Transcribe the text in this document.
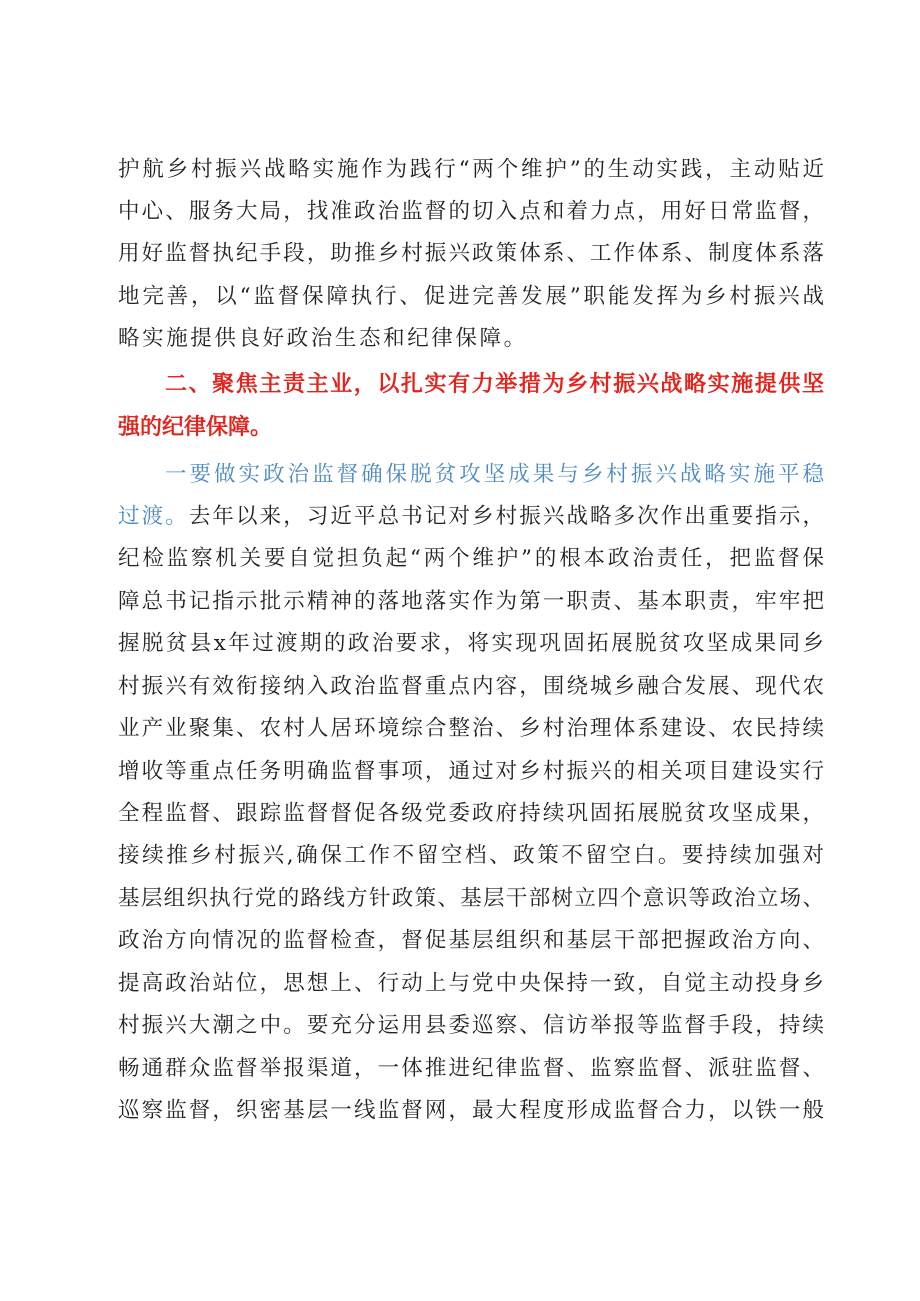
护航乡村振兴战略实施作为践行“两个维护”的生动实践，主动贴近
中心、服务大局，找准政治监督的切入点和着力点，用好日常监督，
用好监督执纪手段，助推乡村振兴政策体系、工作体系、制度体系落
地完善，以“监督保障执行、促进完善发展”职能发挥为乡村振兴战
略实施提供良好政治生态和纪律保障。
二、聚焦主责主业，以扎实有力举措为乡村振兴战略实施提供坚
强的纪律保障。
一要做实政治监督确保脱贫攻坚成果与乡村振兴战略实施平稳
过渡。去年以来，习近平总书记对乡村振兴战略多次作出重要指示，
纪检监察机关要自觉担负起“两个维护”的根本政治责任，把监督保
障总书记指示批示精神的落地落实作为第一职责、基本职责，牢牢把
握脱贫县x年过渡期的政治要求，将实现巩固拓展脱贫攻坚成果同乡
村振兴有效衔接纳入政治监督重点内容，围绕城乡融合发展、现代农
业产业聚集、农村人居环境综合整治、乡村治理体系建设、农民持续
增收等重点任务明确监督事项，通过对乡村振兴的相关项目建设实行
全程监督、跟踪监督督促各级党委政府持续巩固拓展脱贫攻坚成果，
接续推乡村振兴,确保工作不留空档、政策不留空白。要持续加强对
基层组织执行党的路线方针政策、基层干部树立四个意识等政治立场、
政治方向情况的监督检查，督促基层组织和基层干部把握政治方向、
提高政治站位，思想上、行动上与党中央保持一致，自觉主动投身乡
村振兴大潮之中。要充分运用县委巡察、信访举报等监督手段，持续
畅通群众监督举报渠道，一体推进纪律监督、监察监督、派驻监督、
巡察监督，织密基层一线监督网，最大程度形成监督合力，以铁一般
